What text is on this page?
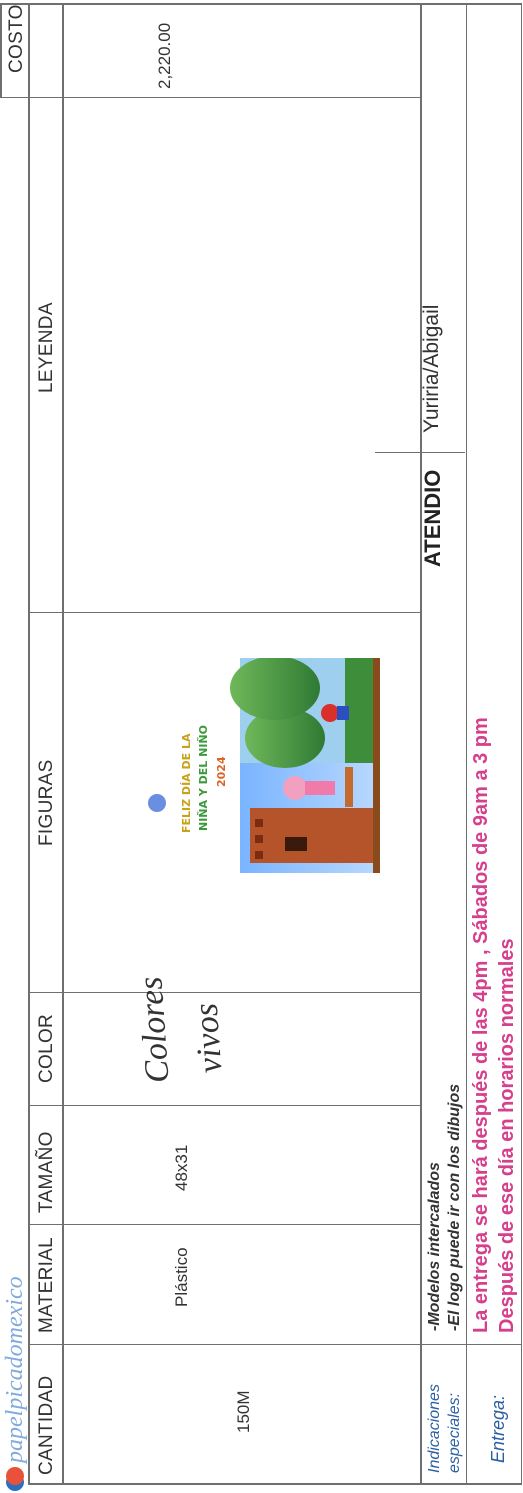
papelpicadomexico CANTIDAD
MATERIAL
TAMAÑO
COLOR
FIGURAS
LEYENDA
COSTO
150M
Plástico
48x31
Colores vivos
2,220.00
FELIZ DÍA DE LA NIÑA Y DEL NIÑO 2024
Indicaciones especiales:
-Modelos intercalados -El logo puede ir con los dibujos
ATENDIO
Yuriria/Abigail
Entrega:
La entrega se hará después de las 4pm , Sábados de 9am a 3 pm Después de ese día en horarios normales
